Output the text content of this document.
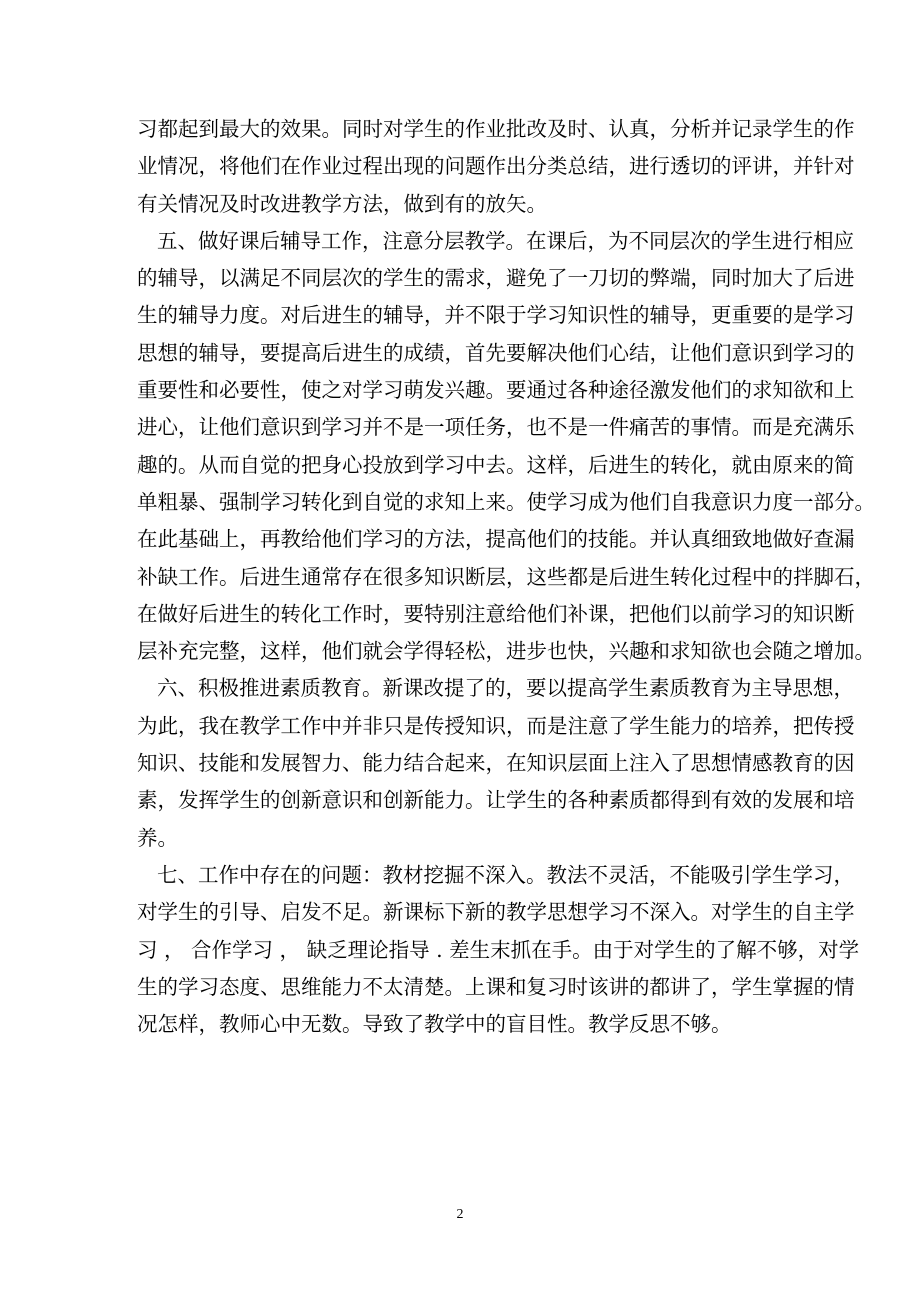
习都起到最大的效果。同时对学生的作业批改及时、认真，分析并记录学生的作
业情况，将他们在作业过程出现的问题作出分类总结，进行透切的评讲，并针对
有关情况及时改进教学方法，做到有的放矢。
五、做好课后辅导工作，注意分层教学。在课后，为不同层次的学生进行相应
的辅导，以满足不同层次的学生的需求，避免了一刀切的弊端，同时加大了后进
生的辅导力度。对后进生的辅导，并不限于学习知识性的辅导，更重要的是学习
思想的辅导，要提高后进生的成绩，首先要解决他们心结，让他们意识到学习的
重要性和必要性，使之对学习萌发兴趣。要通过各种途径激发他们的求知欲和上
进心，让他们意识到学习并不是一项任务，也不是一件痛苦的事情。而是充满乐
趣的。从而自觉的把身心投放到学习中去。这样，后进生的转化，就由原来的简
单粗暴、强制学习转化到自觉的求知上来。使学习成为他们自我意识力度一部分。
在此基础上，再教给他们学习的方法，提高他们的技能。并认真细致地做好查漏
补缺工作。后进生通常存在很多知识断层，这些都是后进生转化过程中的拌脚石，
在做好后进生的转化工作时，要特别注意给他们补课，把他们以前学习的知识断
层补充完整，这样，他们就会学得轻松，进步也快，兴趣和求知欲也会随之增加。
六、积极推进素质教育。新课改提了的，要以提高学生素质教育为主导思想，
为此，我在教学工作中并非只是传授知识，而是注意了学生能力的培养，把传授
知识、技能和发展智力、能力结合起来，在知识层面上注入了思想情感教育的因
素，发挥学生的创新意识和创新能力。让学生的各种素质都得到有效的发展和培
养。
七、工作中存在的问题：教材挖掘不深入。教法不灵活，不能吸引学生学习，
对学生的引导、启发不足。新课标下新的教学思想学习不深入。对学生的自主学
习 ， 合作学习 ， 缺乏理论指导 . 差生末抓在手。由于对学生的了解不够，对学
生的学习态度、思维能力不太清楚。上课和复习时该讲的都讲了，学生掌握的情
况怎样，教师心中无数。导致了教学中的盲目性。教学反思不够。
2
